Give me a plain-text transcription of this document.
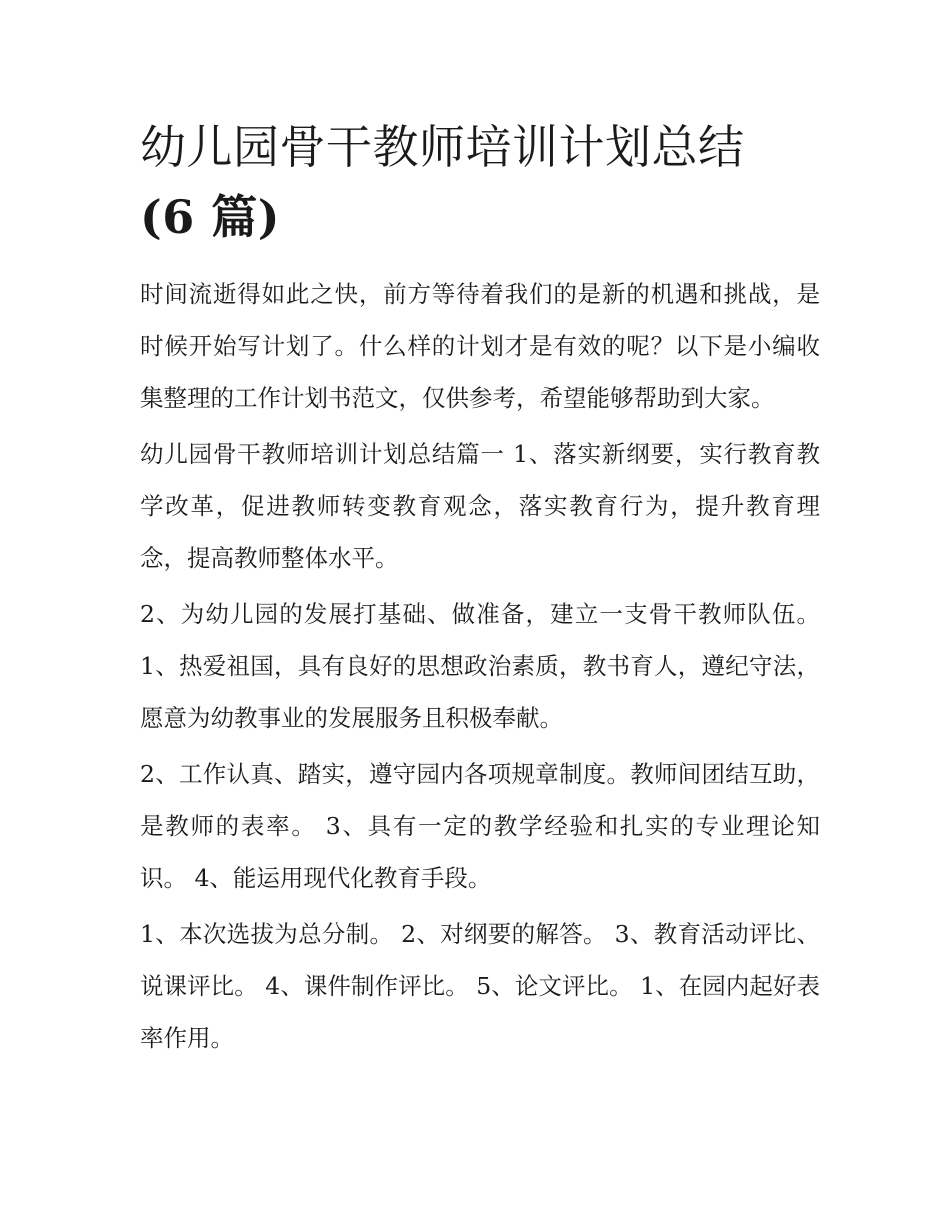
幼儿园骨干教师培训计划总结
(6 篇)

时间流逝得如此之快，前方等待着我们的是新的机遇和挑战，是时候开始写计划了。什么样的计划才是有效的呢？以下是小编收集整理的工作计划书范文，仅供参考，希望能够帮助到大家。

幼儿园骨干教师培训计划总结篇一 1、落实新纲要，实行教育教学改革，促进教师转变教育观念，落实教育行为，提升教育理念，提高教师整体水平。

2、为幼儿园的发展打基础、做准备，建立一支骨干教师队伍。 1、热爱祖国，具有良好的思想政治素质，教书育人，遵纪守法，愿意为幼教事业的发展服务且积极奉献。

2、工作认真、踏实，遵守园内各项规章制度。教师间团结互助，是教师的表率。 3、具有一定的教学经验和扎实的专业理论知识。 4、能运用现代化教育手段。

1、本次选拔为总分制。 2、对纲要的解答。 3、教育活动评比、说课评比。 4、课件制作评比。 5、论文评比。 1、在园内起好表率作用。
